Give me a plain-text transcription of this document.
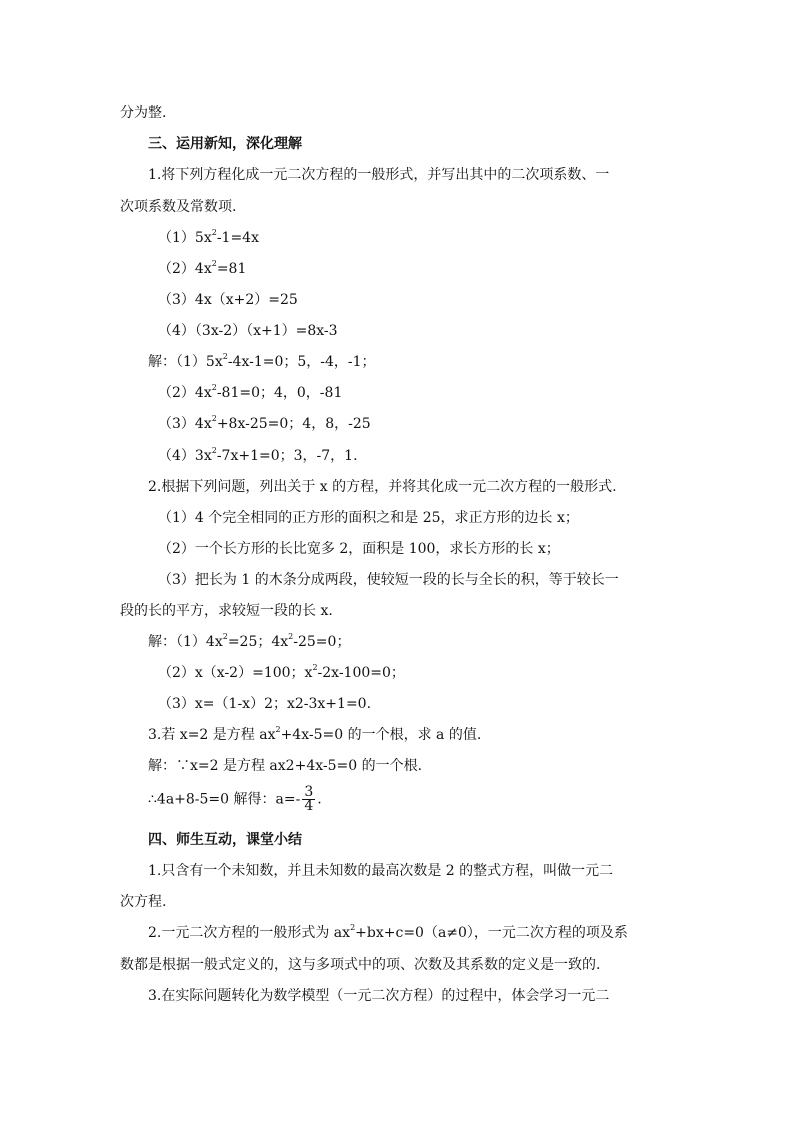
分为整.
三、运用新知，深化理解
1.将下列方程化成一元二次方程的一般形式，并写出其中的二次项系数、一
次项系数及常数项.
$(1)5x^2-1=4x$
$(2)4x^2=81$
（3）4x（x+2）=25
（4）（3x-2）（x+1）=8x-3
解：$(1)5x^2-4x-1=0$；5，-4，-1；
$(2)4x^2-81=0$；4，0，-81
$(3)4x^2+8x-25=0$；4，8，-25
$(4)3x^2-7x+1=0$；3，-7，1.
2.根据下列问题，列出关于 x 的方程，并将其化成一元二次方程的一般形式.
（1）4 个完全相同的正方形的面积之和是 25，求正方形的边长 x；
（2）一个长方形的长比宽多 2，面积是 100，求长方形的长 x；
（3）把长为 1 的木条分成两段，使较短一段的长与全长的积，等于较长一
段的长的平方，求较短一段的长 x.
解：$(1)4x^2=25$；$4x^2-25=0$；
（2）x（x-2）=100；$x^2-2x-100=0$；
（3）x=（1-x）2；x2-3x+1=0.
3.若 x=2 是方程 $ax^2+4x-5=0$ 的一个根，求 a 的值.
解：∵x=2 是方程 ax2+4x-5=0 的一个根.
∴4a+8-5=0 解得：$a=- \frac{3}{4}$ .
四、师生互动，课堂小结
1.只含有一个未知数，并且未知数的最高次数是 2 的整式方程，叫做一元二
次方程.
2.一元二次方程的一般形式为 $ax^2+bx+c=0(a\ne 0)$，一元二次方程的项及系
数都是根据一般式定义的，这与多项式中的项、次数及其系数的定义是一致的.
3.在实际问题转化为数学模型（一元二次方程）的过程中，体会学习一元二
